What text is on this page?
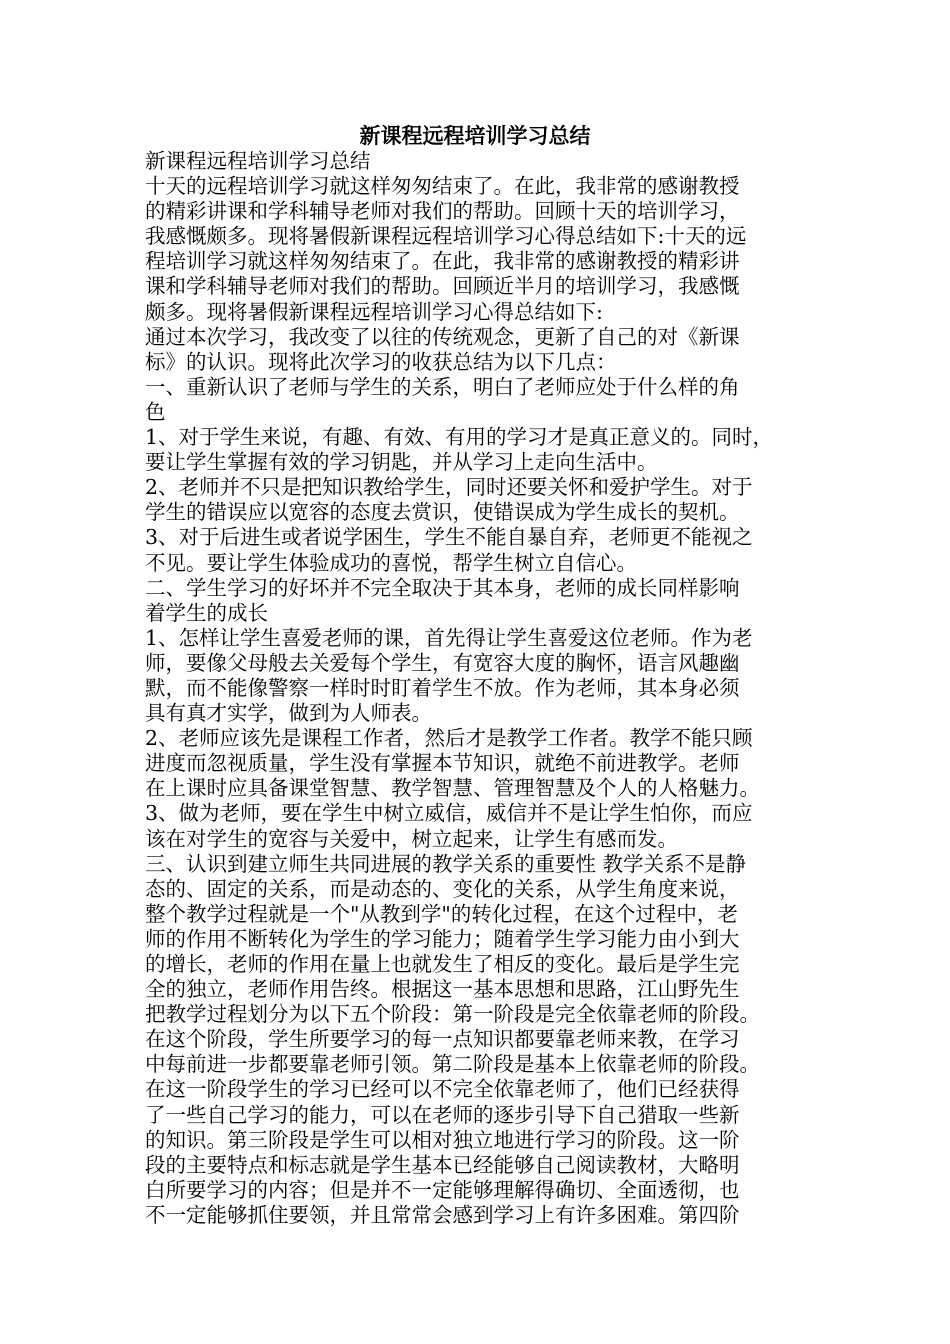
新课程远程培训学习总结
新课程远程培训学习总结
十天的远程培训学习就这样匆匆结束了。在此，我非常的感谢教授
的精彩讲课和学科辅导老师对我们的帮助。回顾十天的培训学习，
我感慨颇多。现将暑假新课程远程培训学习心得总结如下:十天的远
程培训学习就这样匆匆结束了。在此，我非常的感谢教授的精彩讲
课和学科辅导老师对我们的帮助。回顾近半月的培训学习，我感慨
颇多。现将暑假新课程远程培训学习心得总结如下:
通过本次学习，我改变了以往的传统观念，更新了自己的对《新课
标》的认识。现将此次学习的收获总结为以下几点：
一、重新认识了老师与学生的关系，明白了老师应处于什么样的角
色
1、对于学生来说，有趣、有效、有用的学习才是真正意义的。同时，
要让学生掌握有效的学习钥匙，并从学习上走向生活中。
2、老师并不只是把知识教给学生，同时还要关怀和爱护学生。对于
学生的错误应以宽容的态度去赏识，使错误成为学生成长的契机。
3、对于后进生或者说学困生，学生不能自暴自弃，老师更不能视之
不见。要让学生体验成功的喜悦，帮学生树立自信心。
二、学生学习的好坏并不完全取决于其本身，老师的成长同样影响
着学生的成长
1、怎样让学生喜爱老师的课，首先得让学生喜爱这位老师。作为老
师，要像父母般去关爱每个学生，有宽容大度的胸怀，语言风趣幽
默，而不能像警察一样时时盯着学生不放。作为老师，其本身必须
具有真才实学，做到为人师表。
2、老师应该先是课程工作者，然后才是教学工作者。教学不能只顾
进度而忽视质量，学生没有掌握本节知识，就绝不前进教学。老师
在上课时应具备课堂智慧、教学智慧、管理智慧及个人的人格魅力。
3、做为老师，要在学生中树立威信，威信并不是让学生怕你，而应
该在对学生的宽容与关爱中，树立起来，让学生有感而发。
三、认识到建立师生共同进展的教学关系的重要性 教学关系不是静
态的、固定的关系，而是动态的、变化的关系，从学生角度来说，
整个教学过程就是一个"从教到学"的转化过程，在这个过程中，老
师的作用不断转化为学生的学习能力；随着学生学习能力由小到大
的增长，老师的作用在量上也就发生了相反的变化。最后是学生完
全的独立，老师作用告终。根据这一基本思想和思路，江山野先生
把教学过程划分为以下五个阶段：第一阶段是完全依靠老师的阶段。
在这个阶段，学生所要学习的每一点知识都要靠老师来教，在学习
中每前进一步都要靠老师引领。第二阶段是基本上依靠老师的阶段。
在这一阶段学生的学习已经可以不完全依靠老师了，他们已经获得
了一些自己学习的能力，可以在老师的逐步引导下自己猎取一些新
的知识。第三阶段是学生可以相对独立地进行学习的阶段。这一阶
段的主要特点和标志就是学生基本已经能够自己阅读教材，大略明
白所要学习的内容；但是并不一定能够理解得确切、全面透彻，也
不一定能够抓住要领，并且常常会感到学习上有许多困难。第四阶
